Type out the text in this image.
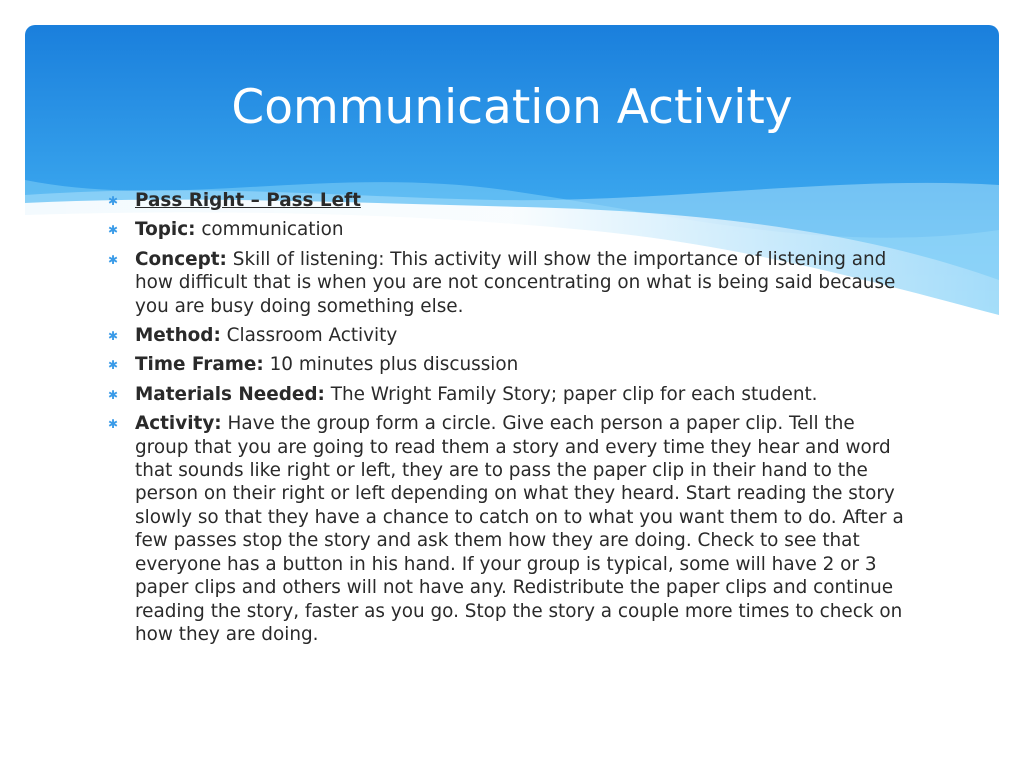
Communication Activity
✱ Pass Right – Pass Left
✱ Topic: communication
✱ Concept: Skill of listening: This activity will show the importance of listening and how difficult that is when you are not concentrating on what is being said because you are busy doing something else.
✱ Method: Classroom Activity
✱ Time Frame: 10 minutes plus discussion
✱ Materials Needed: The Wright Family Story; paper clip for each student.
✱ Activity: Have the group form a circle. Give each person a paper clip. Tell the group that you are going to read them a story and every time they hear and word that sounds like right or left, they are to pass the paper clip in their hand to the person on their right or left depending on what they heard. Start reading the story slowly so that they have a chance to catch on to what you want them to do. After a few passes stop the story and ask them how they are doing. Check to see that everyone has a button in his hand. If your group is typical, some will have 2 or 3 paper clips and others will not have any. Redistribute the paper clips and continue reading the story, faster as you go. Stop the story a couple more times to check on how they are doing.
